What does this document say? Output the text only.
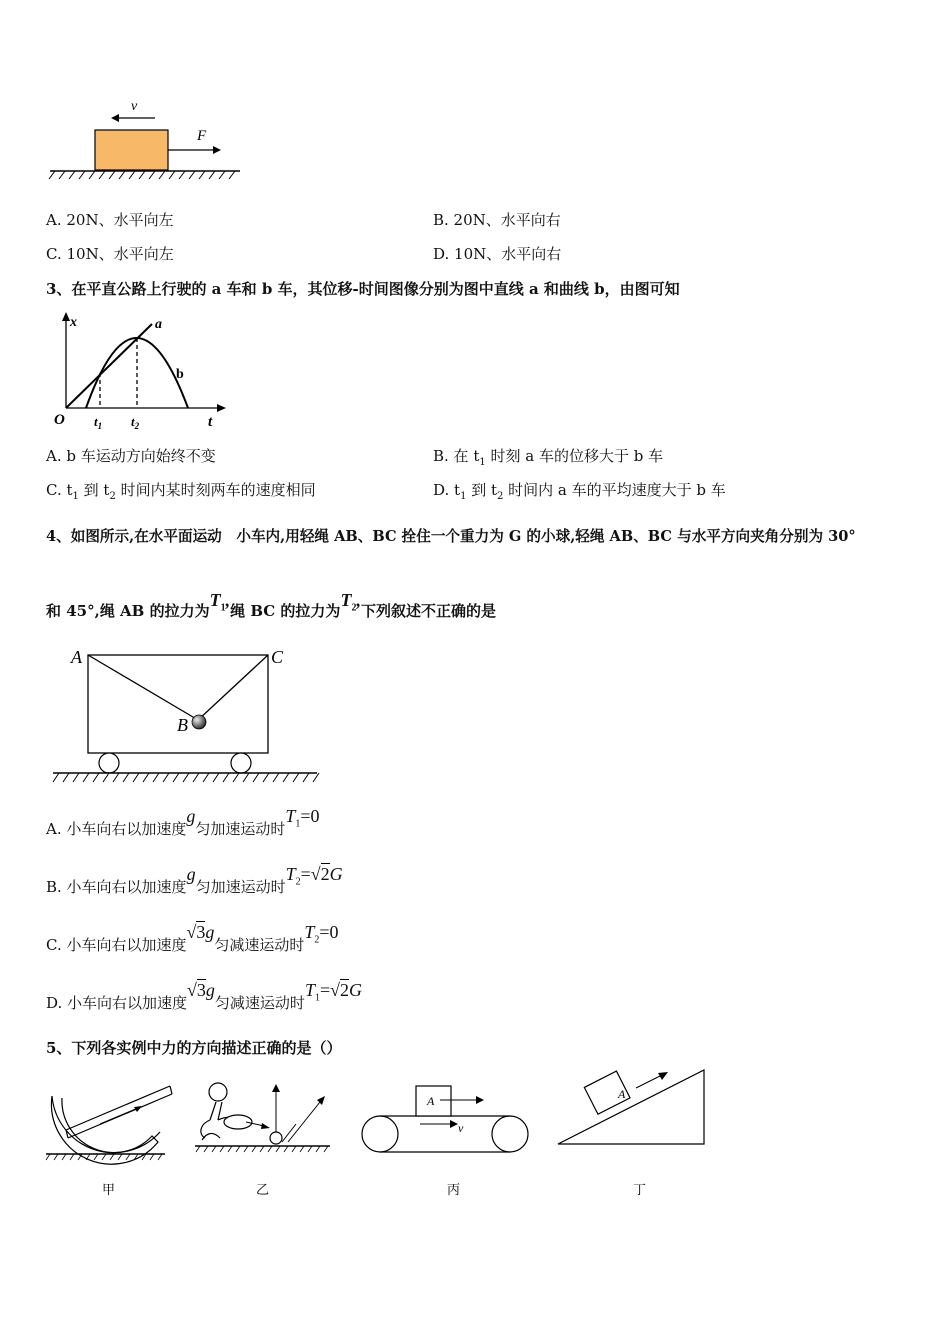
v
F
A. 20N、水平向左	B. 20N、水平向右
C. 10N、水平向左	D. 10N、水平向右
3、在平直公路上行驶的 a 车和 b 车，其位移-时间图像分别为图中直线 a 和曲线 b，由图可知
x
t
O
a
b
$t_1$ $t_2$
A. b 车运动方向始终不变	B. 在 $t_1$ 时刻 a 车的位移大于 b 车
C. $t_1$ 到 $t_2$ 时间内某时刻两车的速度相同	D. $t_1$ 到 $t_2$ 时间内 a 车的平均速度大于 b 车
4、如图所示,在水平面运动　小车内,用轻绳 AB、BC 拴住一个重力为 G 的小球,轻绳 AB、BC 与水平方向夹角分别为 30°
和 45°,绳 AB 的拉力为$T_1$,绳 BC 的拉力为$T_2$,下列叙述不正确的是
A	C
B
A. 小车向右以加速度g匀加速运动时$T_1=0$
B. 小车向右以加速度g匀加速运动时$T_2=√2G$
C. 小车向右以加速度√3g匀减速运动时$T_2=0$
D. 小车向右以加速度√3g匀减速运动时$T_1=√2G$
5、下列各实例中力的方向描述正确的是（）
A
v
A
甲	乙	丙	丁
